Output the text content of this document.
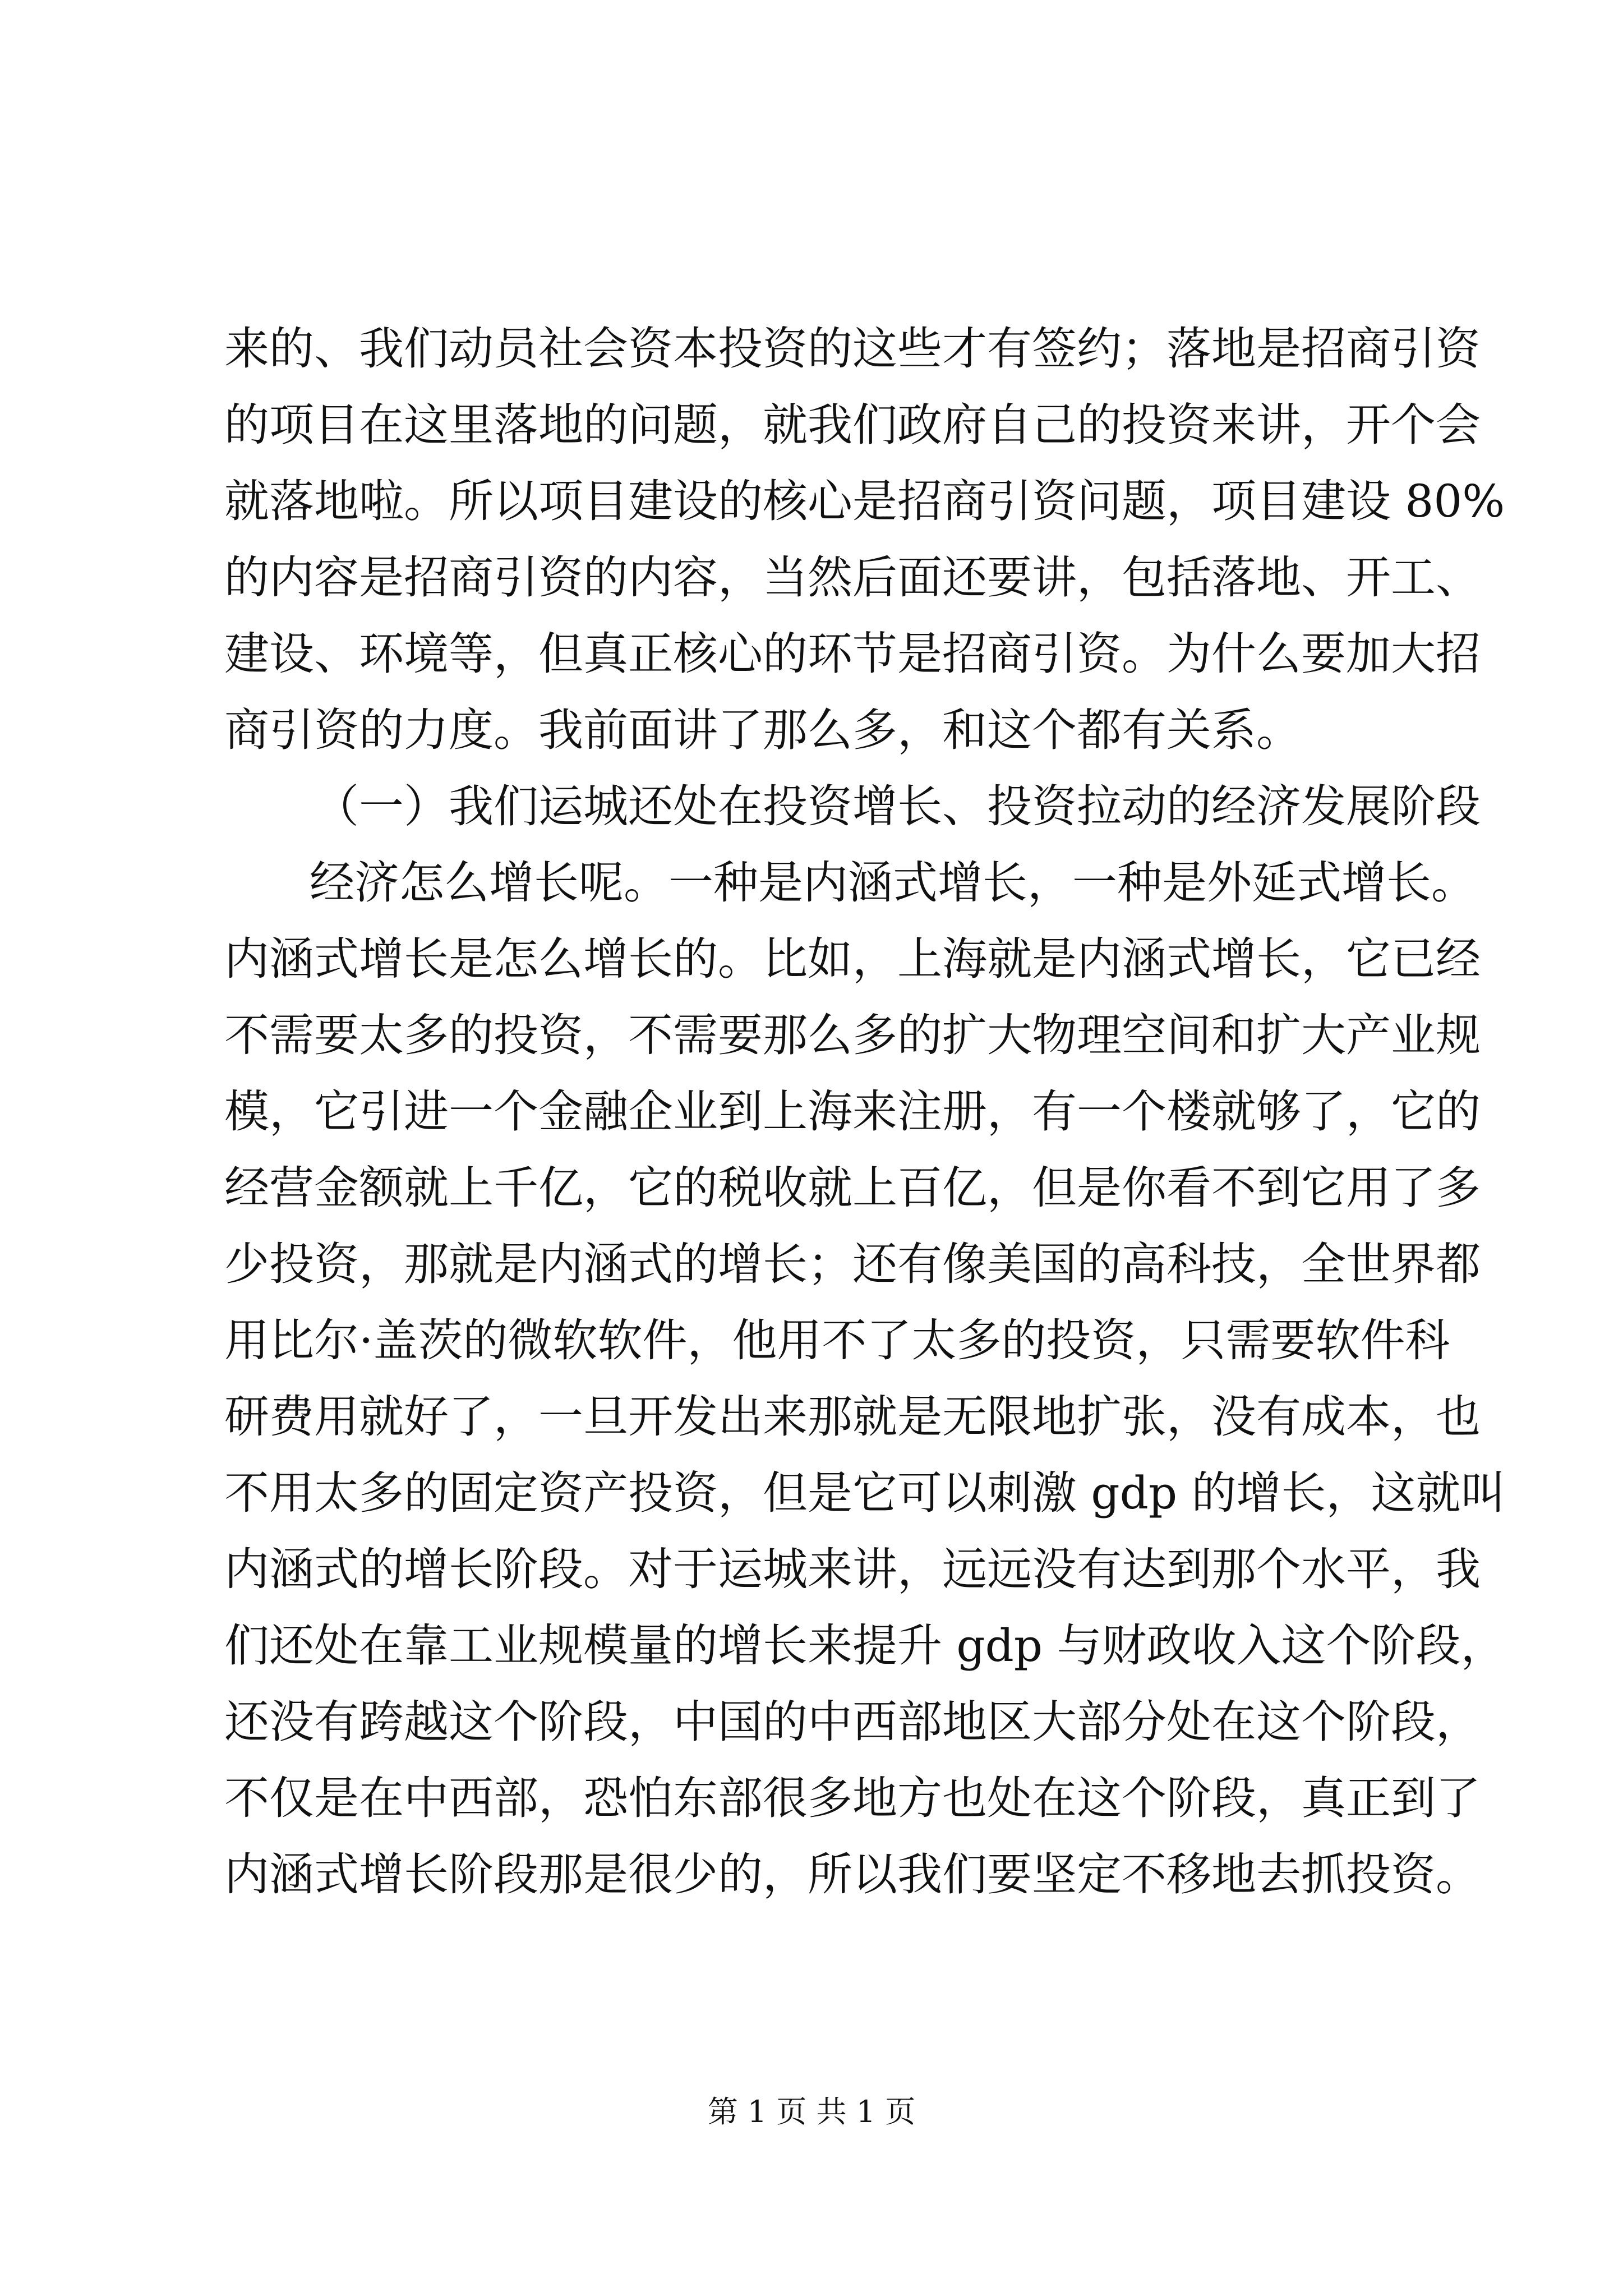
来的、我们动员社会资本投资的这些才有签约；落地是招商引资
的项目在这里落地的问题，就我们政府自己的投资来讲，开个会
就落地啦。所以项目建设的核心是招商引资问题，项目建设 80%
的内容是招商引资的内容，当然后面还要讲，包括落地、开工、
建设、环境等，但真正核心的环节是招商引资。为什么要加大招
商引资的力度。我前面讲了那么多，和这个都有关系。
（一）我们运城还处在投资增长、投资拉动的经济发展阶段
经济怎么增长呢。一种是内涵式增长，一种是外延式增长。
内涵式增长是怎么增长的。比如，上海就是内涵式增长，它已经
不需要太多的投资，不需要那么多的扩大物理空间和扩大产业规
模，它引进一个金融企业到上海来注册，有一个楼就够了，它的
经营金额就上千亿，它的税收就上百亿，但是你看不到它用了多
少投资，那就是内涵式的增长；还有像美国的高科技，全世界都
用比尔·盖茨的微软软件，他用不了太多的投资，只需要软件科
研费用就好了，一旦开发出来那就是无限地扩张，没有成本，也
不用太多的固定资产投资，但是它可以刺激 gdp 的增长，这就叫
内涵式的增长阶段。对于运城来讲，远远没有达到那个水平，我
们还处在靠工业规模量的增长来提升 gdp 与财政收入这个阶段，
还没有跨越这个阶段，中国的中西部地区大部分处在这个阶段，
不仅是在中西部，恐怕东部很多地方也处在这个阶段，真正到了
内涵式增长阶段那是很少的，所以我们要坚定不移地去抓投资。
第 1 页 共 1 页
